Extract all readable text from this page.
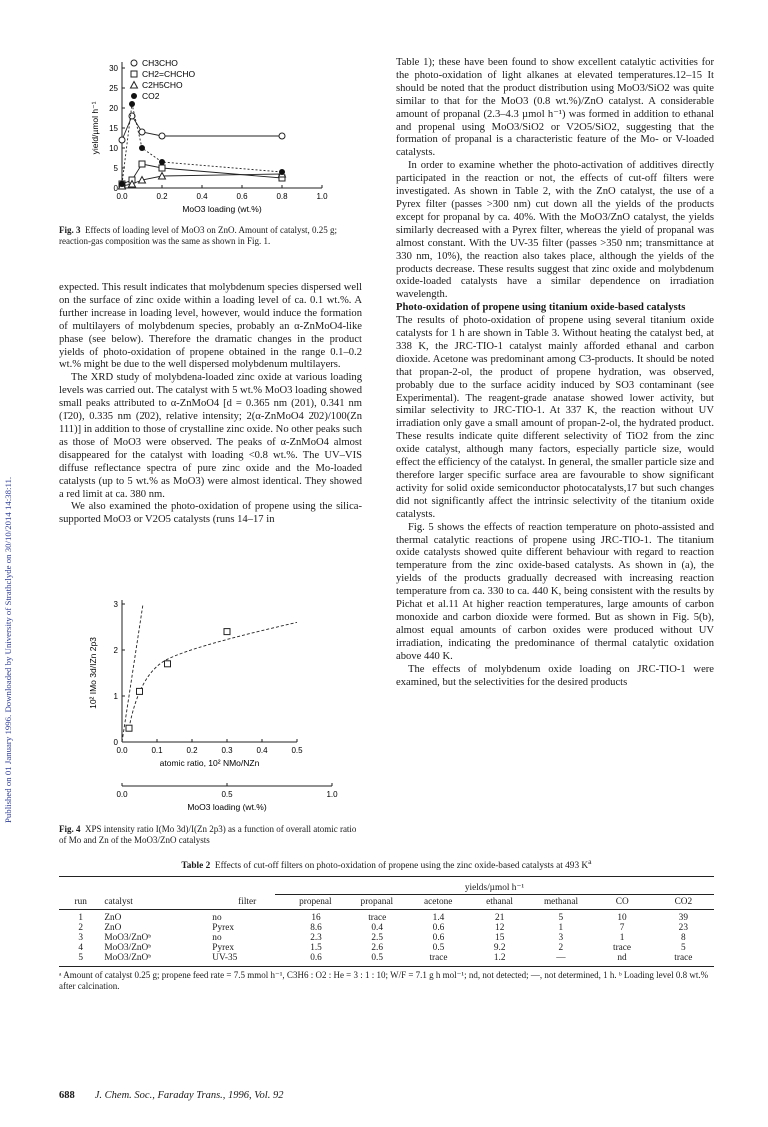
Published on 01 January 1996. Downloaded by University of Strathclyde on 30/10/2014 14:38:11.
0.0	0.2	0.4	0.6	0.8	1.0
0
5
10
15
20
25
30
MoO3 loading (wt.%)
yield/µmol h⁻¹
CH3CHO
CH2=CHCHO
C2H5CHO
CO2
Fig. 3 Effects of loading level of MoO3 on ZnO. Amount of catalyst, 0.25 g; reaction-gas composition was the same as shown in Fig. 1.

expected. This result indicates that molybdenum species dispersed well on the surface of zinc oxide within a loading level of ca. 0.1 wt.%. A further increase in loading level, however, would induce the formation of multilayers of molybdenum species, probably an α-ZnMoO4-like phase (see below). Therefore the dramatic changes in the product yields of photo-oxidation of propene obtained in the range 0.1–0.2 wt.% might be due to the well dispersed molybdenum multilayers.

The XRD study of molybdena-loaded zinc oxide at various loading levels was carried out. The catalyst with 5 wt.% MoO3 loading showed small peaks attributed to α-ZnMoO4 [d = 0.365 nm (201), 0.341 nm (1̄20), 0.335 nm (2̄02), relative intensity; 2(α-ZnMoO4 2̄02)/100(Zn 111)] in addition to those of crystalline zinc oxide. No other peaks such as those of MoO3 were observed. The peaks of α-ZnMoO4 almost disappeared for the catalyst with loading <0.8 wt.%. The UV–VIS diffuse reflectance spectra of pure zinc oxide and the Mo-loaded catalysts (up to 5 wt.% as MoO3) were almost identical. They showed a red limit at ca. 380 nm.

We also examined the photo-oxidation of propene using the silica-supported MoO3 or V2O5 catalysts (runs 14–17 in

0.0	0.1	0.2	0.3	0.4	0.5
0
1
2
3
atomic ratio, 10² NMo/NZn
10² IMo 3d/IZn 2p3
0.0	0.5	1.0
MoO3 loading (wt.%)
Fig. 4 XPS intensity ratio I(Mo 3d)/I(Zn 2p3) as a function of overall atomic ratio of Mo and Zn of the MoO3/ZnO catalysts

Table 1); these have been found to show excellent catalytic activities for the photo-oxidation of light alkanes at elevated temperatures.12–15 It should be noted that the product distribution using MoO3/SiO2 was quite similar to that for the MoO3 (0.8 wt.%)/ZnO catalyst. A considerable amount of propanal (2.3–4.3 µmol h⁻¹) was formed in addition to ethanal and propenal using MoO3/SiO2 or V2O5/SiO2, suggesting that the formation of propanal is a characteristic feature of the Mo- or V-loaded catalysts.

In order to examine whether the photo-activation of additives directly participated in the reaction or not, the effects of cut-off filters were investigated. As shown in Table 2, with the ZnO catalyst, the use of a Pyrex filter (passes >300 nm) cut down all the yields of the products except for propanal by ca. 40%. With the MoO3/ZnO catalyst, the yields similarly decreased with a Pyrex filter, whereas the yield of propanal was almost constant. With the UV-35 filter (passes >350 nm; transmittance at 330 nm, 10%), the reaction also takes place, although the yields of the products decrease. These results suggest that zinc oxide and molybdenum oxide-loaded catalysts have a similar dependence on irradiation wavelength.

Photo-oxidation of propene using titanium oxide-based catalysts

The results of photo-oxidation of propene using several titanium oxide catalysts for 1 h are shown in Table 3. Without heating the catalyst bed, at 338 K, the JRC-TIO-1 catalyst mainly afforded ethanal and carbon dioxide. Acetone was predominant among C3-products. It should be noted that propan-2-ol, the product of propene hydration, was observed, probably due to the surface acidity induced by SO3 contaminant (see Experimental). The reagent-grade anatase showed lower activity, but similar selectivity to JRC-TIO-1. At 337 K, the reaction without UV irradiation only gave a small amount of propan-2-ol, the hydrated product. These results indicate quite different selectivity of TiO2 from the zinc oxide catalyst, although many factors, especially particle size, would effect the efficiency of the catalyst. In general, the smaller particle size and therefore larger specific surface area are favourable to show significant activity for solid oxide semiconductor photocatalysts,17 but such changes did not significantly affect the intrinsic selectivity of the titanium oxide catalysts.

Fig. 5 shows the effects of reaction temperature on photo-assisted and thermal catalytic reactions of propene using JRC-TIO-1. The titanium oxide catalysts showed quite different behaviour with regard to reaction temperature from the zinc oxide-based catalysts. As shown in (a), the yields of the products gradually decreased with increasing reaction temperature from ca. 330 to ca. 440 K, being consistent with the results by Pichat et al.11 At higher reaction temperatures, large amounts of carbon monoxide and carbon dioxide were formed. But as shown in Fig. 5(b), almost equal amounts of carbon oxides were produced without UV irradiation, indicating the predominance of thermal catalytic oxidation above 440 K.

The effects of molybdenum oxide loading on JRC-TIO-1 were examined, but the selectivities for the desired products

Table 2 Effects of cut-off filters on photo-oxidation of propene using the zinc oxide-based catalysts at 493 $K^a$
yields/µmol h⁻¹
run	catalyst	filter	propenal	propanal	acetone	ethanal	methanal	CO	CO2
1	ZnO	no	16	trace	1.4	21	5	10	39
2	ZnO	Pyrex	8.6	0.4	0.6	12	1	7	23
3	MoO3/ZnOᵇ	no	2.3	2.5	0.6	15	3	1	8
4	MoO3/ZnOᵇ	Pyrex	1.5	2.6	0.5	9.2	2	trace	5
5	MoO3/ZnOᵇ	UV-35	0.6	0.5	trace	1.2	—	nd	trace
ᵃ Amount of catalyst 0.25 g; propene feed rate = 7.5 mmol h⁻¹, C3H6 : O2 : He = 3 : 1 : 10; W/F = 7.1 g h mol⁻¹; nd, not detected; —, not determined, 1 h. ᵇ Loading level 0.8 wt.% after calcination.
688 J. Chem. Soc., Faraday Trans., 1996, Vol. 92
